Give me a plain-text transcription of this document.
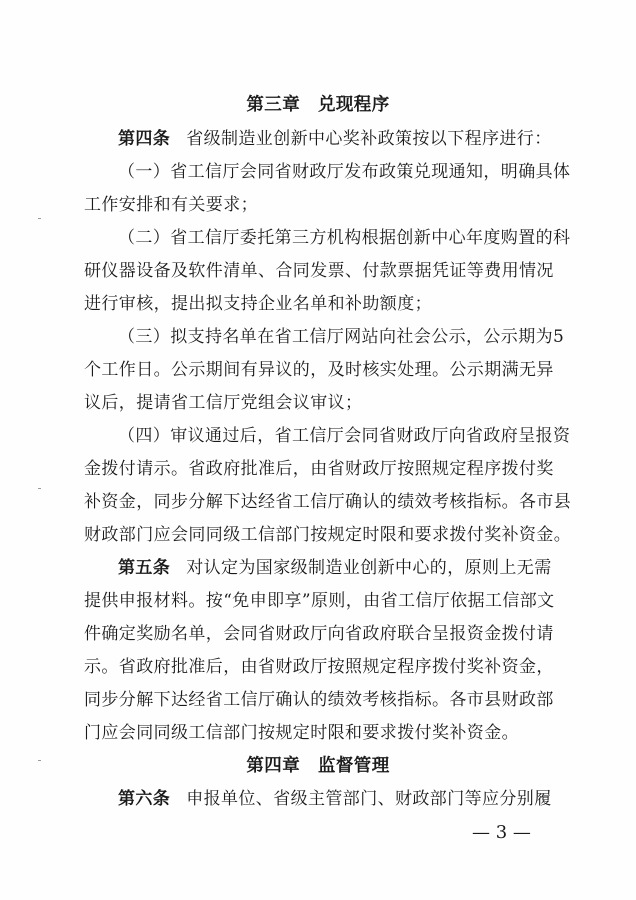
第三章　兑现程序
第四条 省级制造业创新中心奖补政策按以下程序进行：
（一）省工信厅会同省财政厅发布政策兑现通知，明确具体
工作安排和有关要求；
（二）省工信厅委托第三方机构根据创新中心年度购置的科
研仪器设备及软件清单、合同发票、付款票据凭证等费用情况
进行审核，提出拟支持企业名单和补助额度；
（三）拟支持名单在省工信厅网站向社会公示，公示期为5
个工作日。公示期间有异议的，及时核实处理。公示期满无异
议后，提请省工信厅党组会议审议；
（四）审议通过后，省工信厅会同省财政厅向省政府呈报资
金拨付请示。省政府批准后，由省财政厅按照规定程序拨付奖
补资金，同步分解下达经省工信厅确认的绩效考核指标。各市县
财政部门应会同同级工信部门按规定时限和要求拨付奖补资金。
第五条 对认定为国家级制造业创新中心的，原则上无需
提供申报材料。按“免申即享”原则，由省工信厅依据工信部文
件确定奖励名单，会同省财政厅向省政府联合呈报资金拨付请
示。省政府批准后，由省财政厅按照规定程序拨付奖补资金，
同步分解下达经省工信厅确认的绩效考核指标。各市县财政部
门应会同同级工信部门按规定时限和要求拨付奖补资金。
第四章　监督管理
第六条 申报单位、省级主管部门、财政部门等应分别履
— 3 —
